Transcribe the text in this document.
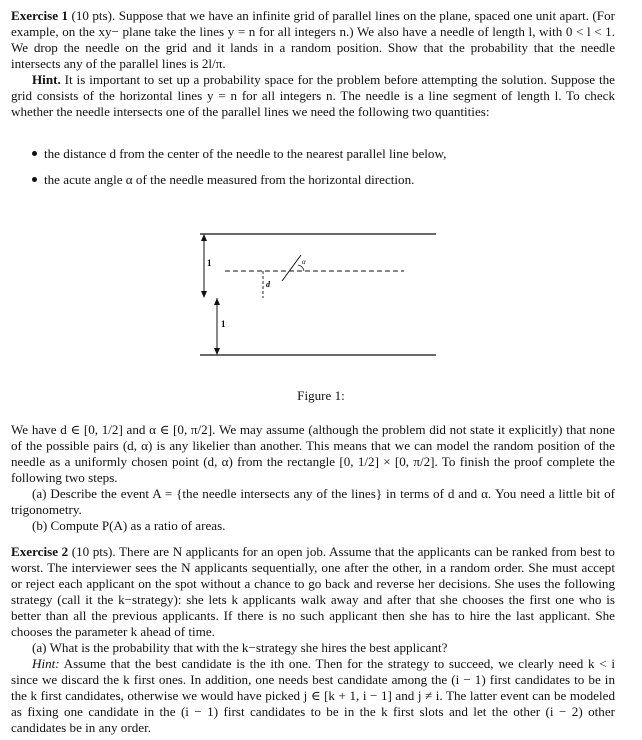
Exercise 1 (10 pts). Suppose that we have an infinite grid of parallel lines on the plane, spaced one unit apart. (For example, on the xy− plane take the lines y = n for all integers n.) We also have a needle of length l, with 0 < l < 1. We drop the needle on the grid and it lands in a random position. Show that the probability that the needle intersects any of the parallel lines is 2l/π.
Hint. It is important to set up a probability space for the problem before attempting the solution. Suppose the grid consists of the horizontal lines y = n for all integers n. The needle is a line segment of length l. To check whether the needle intersects one of the parallel lines we need the following two quantities:
the distance d from the center of the needle to the nearest parallel line below,
the acute angle α of the needle measured from the horizontal direction.
1
1
d
α
Figure 1:
We have d ∈ [0, 1/2] and α ∈ [0, π/2]. We may assume (although the problem did not state it explicitly) that none of the possible pairs (d, α) is any likelier than another. This means that we can model the random position of the needle as a uniformly chosen point (d, α) from the rectangle [0, 1/2] × [0, π/2]. To finish the proof complete the following two steps.
(a) Describe the event A = {the needle intersects any of the lines} in terms of d and α. You need a little bit of trigonometry.
(b) Compute P(A) as a ratio of areas.
Exercise 2 (10 pts). There are N applicants for an open job. Assume that the applicants can be ranked from best to worst. The interviewer sees the N applicants sequentially, one after the other, in a random order. She must accept or reject each applicant on the spot without a chance to go back and reverse her decisions. She uses the following strategy (call it the k−strategy): she lets k applicants walk away and after that she chooses the first one who is better than all the previous applicants. If there is no such applicant then she has to hire the last applicant. She chooses the parameter k ahead of time.
(a) What is the probability that with the k−strategy she hires the best applicant?
Hint: Assume that the best candidate is the ith one. Then for the strategy to succeed, we clearly need k < i since we discard the k first ones. In addition, one needs best candidate among the (i − 1) first candidates to be in the k first candidates, otherwise we would have picked j ∈ [k + 1, i − 1] and j ≠ i. The latter event can be modeled as fixing one candidate in the (i − 1) first candidates to be in the k first slots and let the other (i − 2) other candidates be in any order.
